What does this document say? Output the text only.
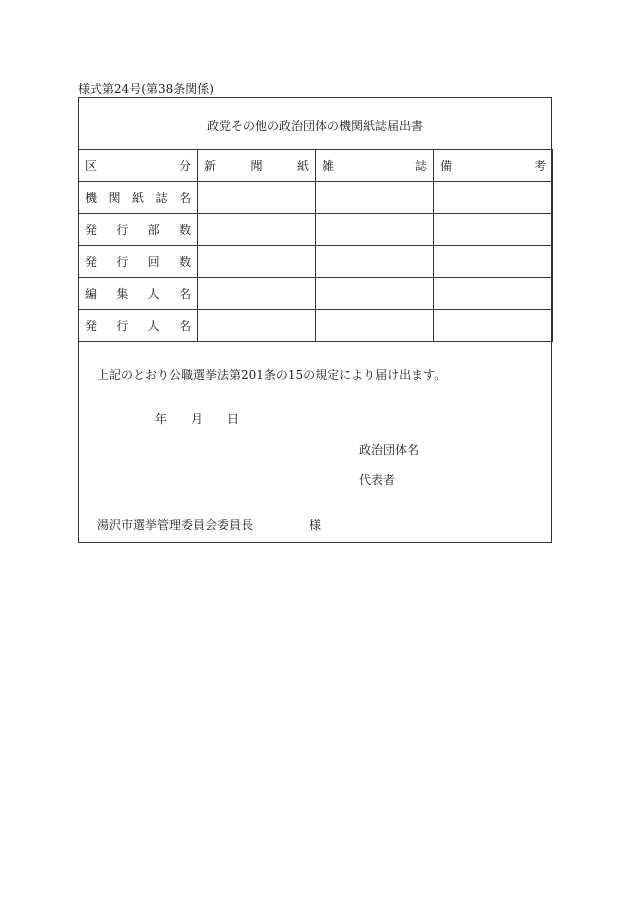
様式第24号(第38条関係)
政党その他の政治団体の機関紙誌届出書
区 分	新 聞 紙	雑 誌	備 考

機 関 紙 誌 名			

発 行 部 数			

発 行 回 数			

編 集 人 名			

発 行 人 名			

上記のとおり公職選挙法第201条の15の規定により届け出ます。
年 月 日
政治団体名
代表者
湯沢市選挙管理委員会委員長	様
